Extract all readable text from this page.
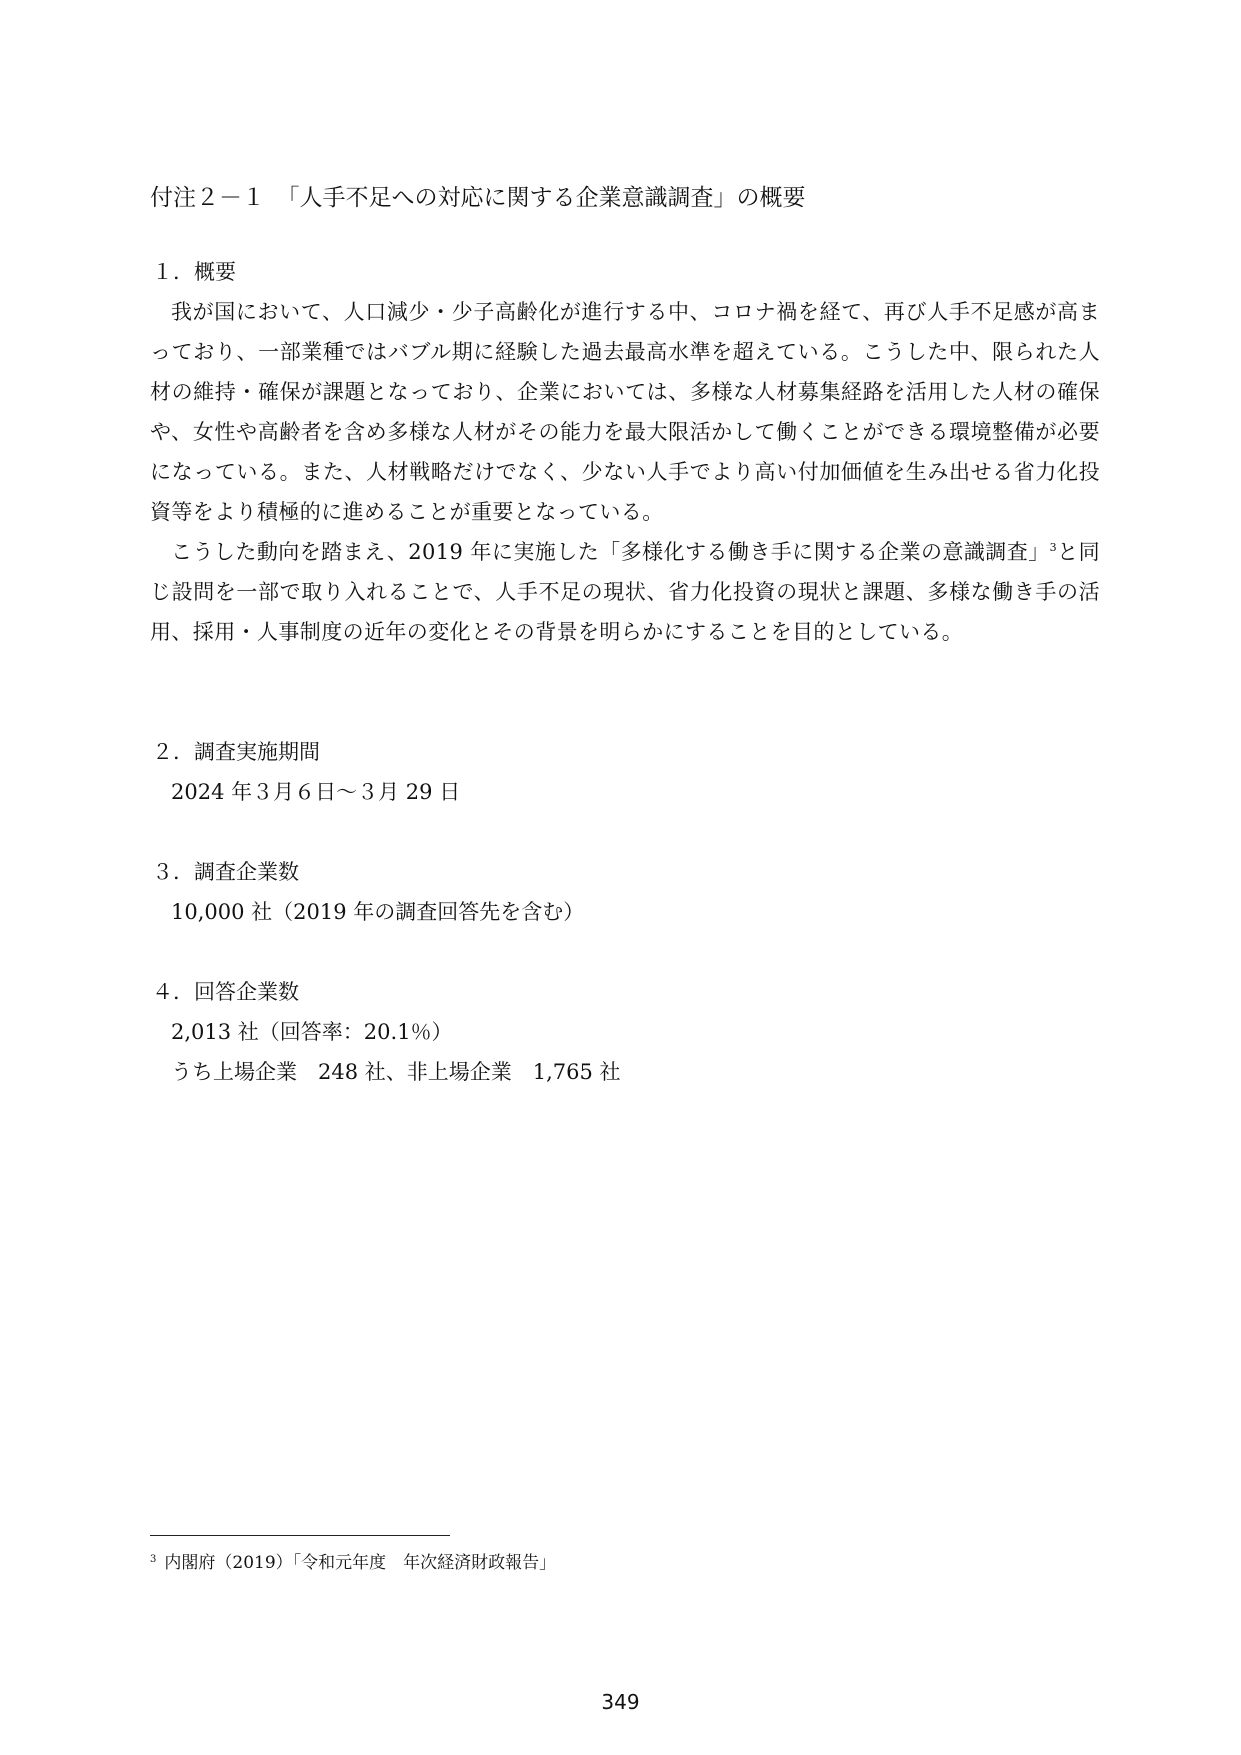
付注２－１　「人手不足への対応に関する企業意識調査」の概要
１．概要

我が国において、人口減少・少子高齢化が進行する中、コロナ禍を経て、再び人手不足感が高まっており、一部業種ではバブル期に経験した過去最高水準を超えている。こうした中、限られた人材の維持・確保が課題となっており、企業においては、多様な人材募集経路を活用した人材の確保や、女性や高齢者を含め多様な人材がその能力を最大限活かして働くことができる環境整備が必要になっている。また、人材戦略だけでなく、少ない人手でより高い付加価値を生み出せる省力化投資等をより積極的に進めることが重要となっている。

こうした動向を踏まえ、2019 年に実施した「多様化する働き手に関する企業の意識調査」$^3$と同じ設問を一部で取り入れることで、人手不足の現状、省力化投資の現状と課題、多様な働き手の活用、採用・人事制度の近年の変化とその背景を明らかにすることを目的としている。

２．調査実施期間

2024 年３月６日～３月 29 日

３．調査企業数

10,000 社（2019 年の調査回答先を含む）

４．回答企業数

2,013 社（回答率：20.1％）

うち上場企業　248 社、非上場企業　1,765 社

$^3$ 内閣府（2019）「令和元年度　年次経済財政報告」
349
